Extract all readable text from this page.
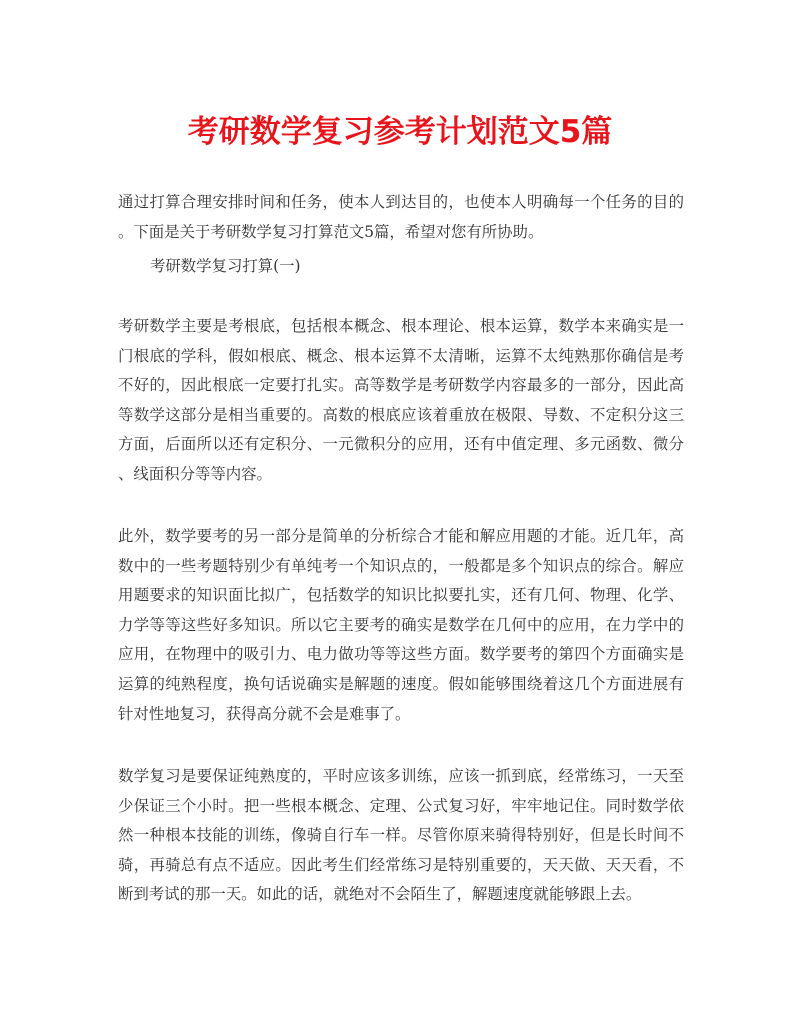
考研数学复习参考计划范文5篇
通过打算合理安排时间和任务，使本人到达目的，也使本人明确每一个任务的目的
。下面是关于考研数学复习打算范文5篇，希望对您有所协助。
考研数学复习打算(一)
考研数学主要是考根底，包括根本概念、根本理论、根本运算，数学本来确实是一
门根底的学科，假如根底、概念、根本运算不太清晰，运算不太纯熟那你确信是考
不好的，因此根底一定要打扎实。高等数学是考研数学内容最多的一部分，因此高
等数学这部分是相当重要的。高数的根底应该着重放在极限、导数、不定积分这三
方面，后面所以还有定积分、一元微积分的应用，还有中值定理、多元函数、微分
、线面积分等等内容。
此外，数学要考的另一部分是简单的分析综合才能和解应用题的才能。近几年，高
数中的一些考题特别少有单纯考一个知识点的，一般都是多个知识点的综合。解应
用题要求的知识面比拟广，包括数学的知识比拟要扎实，还有几何、物理、化学、
力学等等这些好多知识。所以它主要考的确实是数学在几何中的应用，在力学中的
应用，在物理中的吸引力、电力做功等等这些方面。数学要考的第四个方面确实是
运算的纯熟程度，换句话说确实是解题的速度。假如能够围绕着这几个方面进展有
针对性地复习，获得高分就不会是难事了。
数学复习是要保证纯熟度的，平时应该多训练，应该一抓到底，经常练习，一天至
少保证三个小时。把一些根本概念、定理、公式复习好，牢牢地记住。同时数学依
然一种根本技能的训练，像骑自行车一样。尽管你原来骑得特别好，但是长时间不
骑，再骑总有点不适应。因此考生们经常练习是特别重要的，天天做、天天看，不
断到考试的那一天。如此的话，就绝对不会陌生了，解题速度就能够跟上去。
